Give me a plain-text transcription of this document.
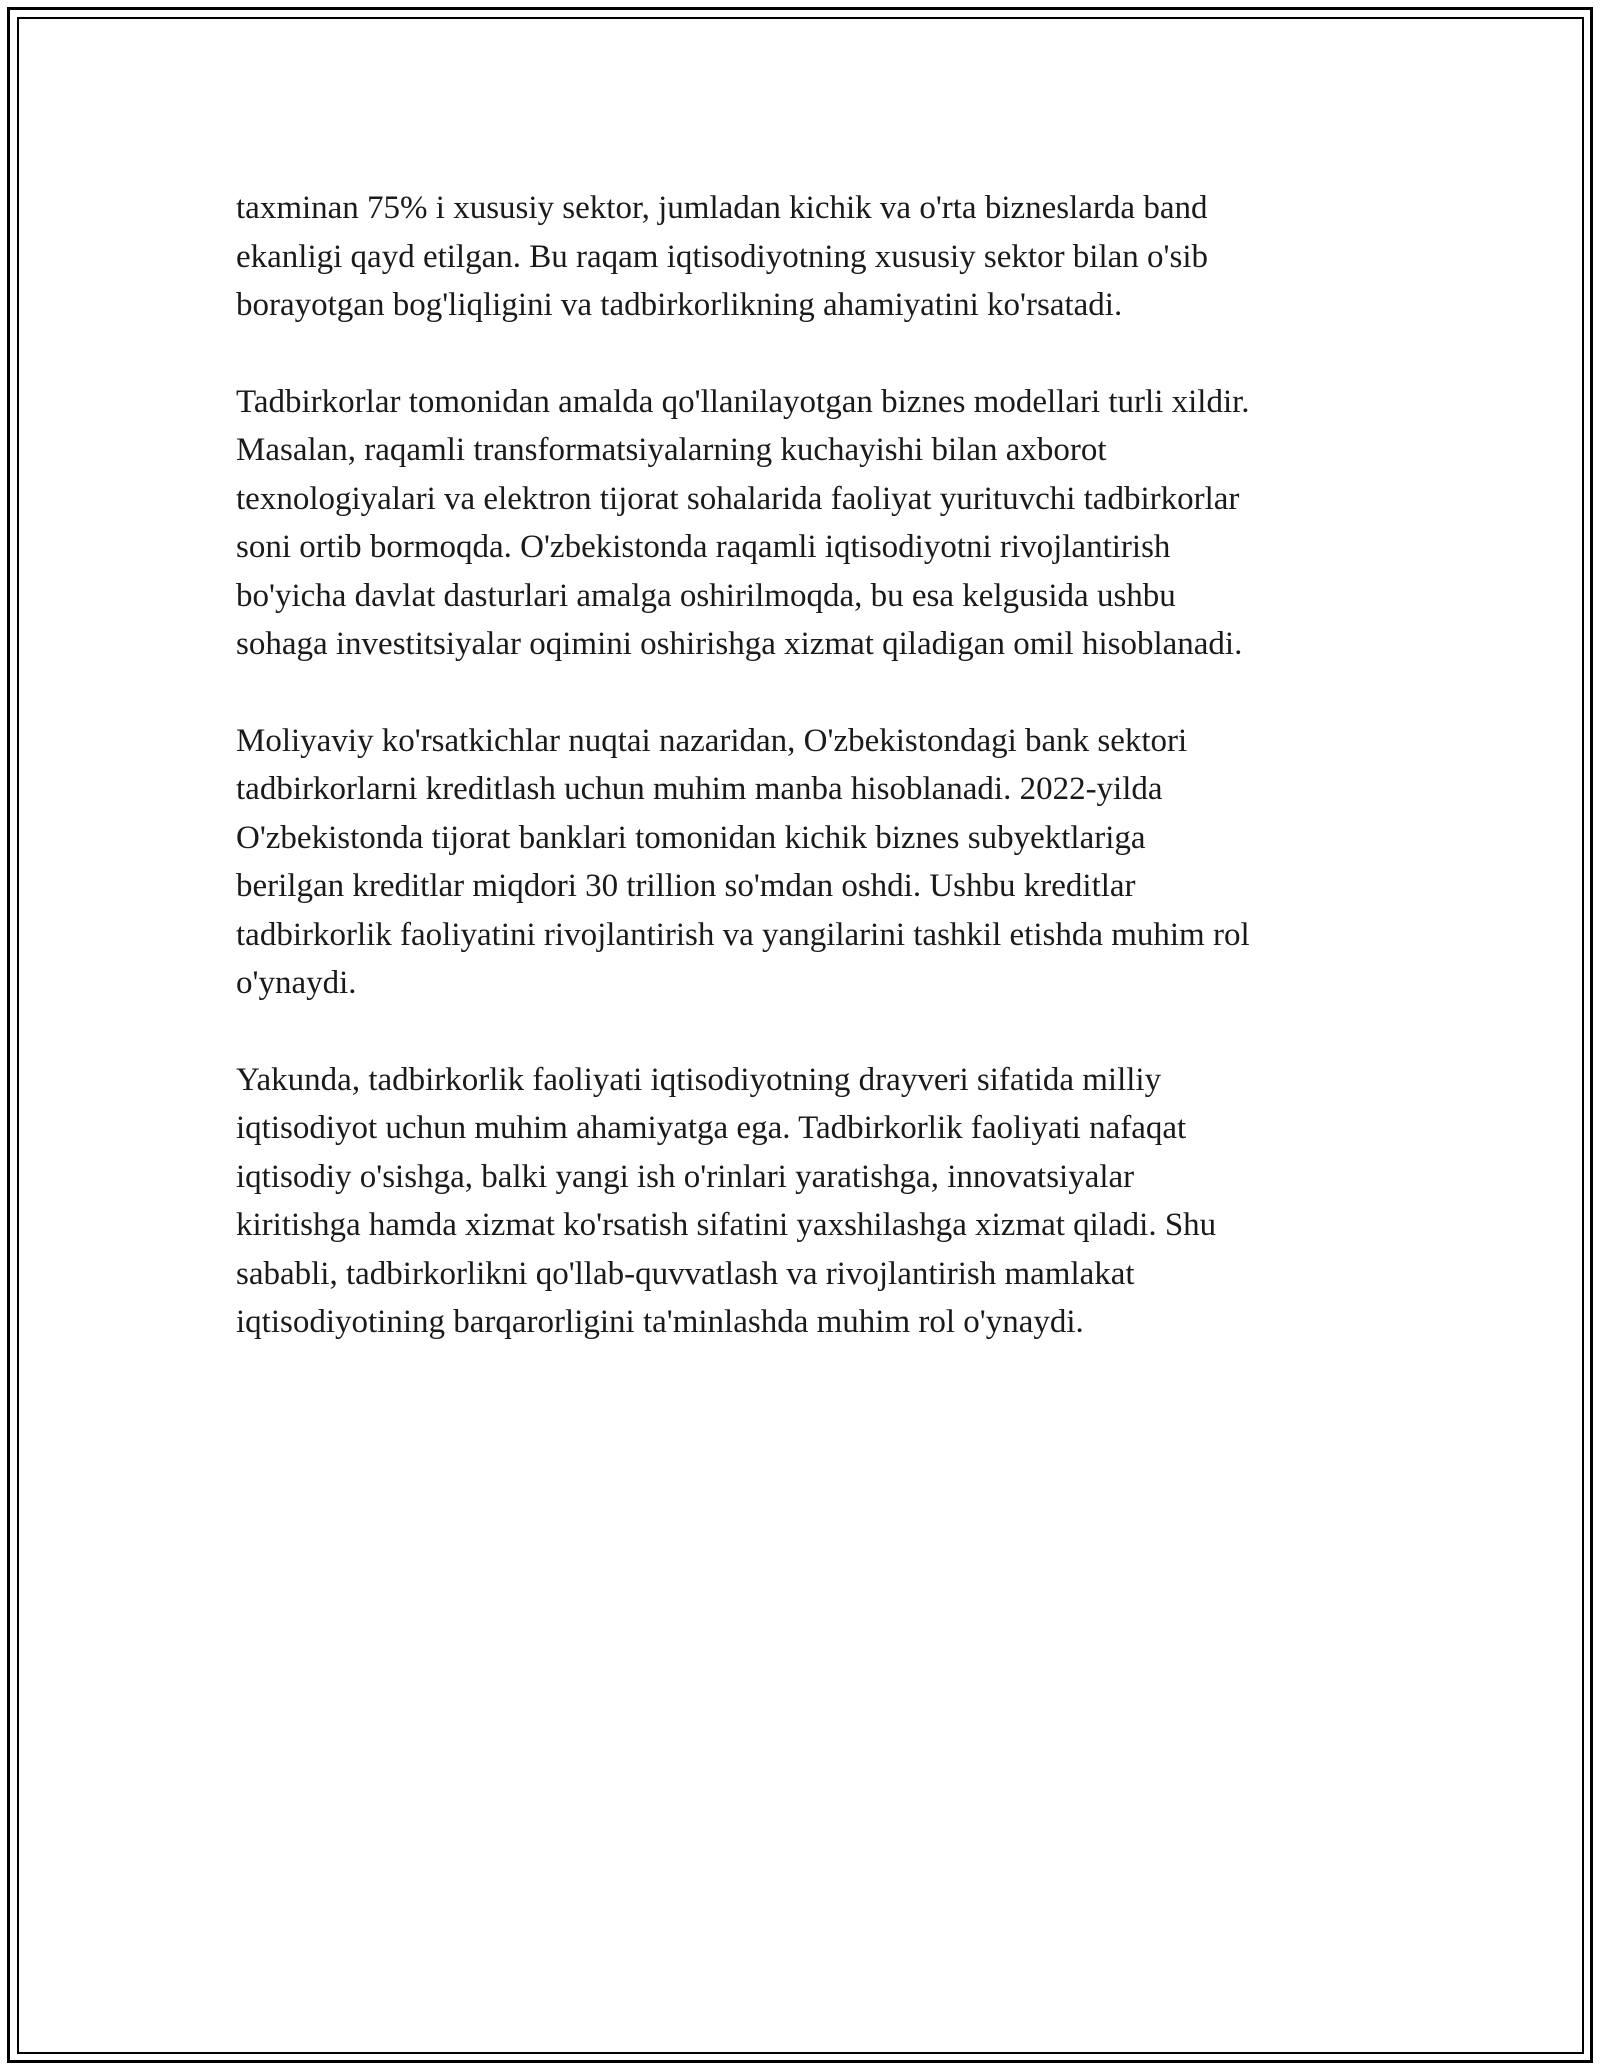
taxminan 75% i xususiy sektor, jumladan kichik va o'rta bizneslarda band
ekanligi qayd etilgan. Bu raqam iqtisodiyotning xususiy sektor bilan o'sib
borayotgan bog'liqligini va tadbirkorlikning ahamiyatini ko'rsatadi.

Tadbirkorlar tomonidan amalda qo'llanilayotgan biznes modellari turli xildir.
Masalan, raqamli transformatsiyalarning kuchayishi bilan axborot
texnologiyalari va elektron tijorat sohalarida faoliyat yurituvchi tadbirkorlar
soni ortib bormoqda. O'zbekistonda raqamli iqtisodiyotni rivojlantirish
bo'yicha davlat dasturlari amalga oshirilmoqda, bu esa kelgusida ushbu
sohaga investitsiyalar oqimini oshirishga xizmat qiladigan omil hisoblanadi.

Moliyaviy ko'rsatkichlar nuqtai nazaridan, O'zbekistondagi bank sektori
tadbirkorlarni kreditlash uchun muhim manba hisoblanadi. 2022-yilda
O'zbekistonda tijorat banklari tomonidan kichik biznes subyektlariga
berilgan kreditlar miqdori 30 trillion so'mdan oshdi. Ushbu kreditlar
tadbirkorlik faoliyatini rivojlantirish va yangilarini tashkil etishda muhim rol
o'ynaydi.

Yakunda, tadbirkorlik faoliyati iqtisodiyotning drayveri sifatida milliy
iqtisodiyot uchun muhim ahamiyatga ega. Tadbirkorlik faoliyati nafaqat
iqtisodiy o'sishga, balki yangi ish o'rinlari yaratishga, innovatsiyalar
kiritishga hamda xizmat ko'rsatish sifatini yaxshilashga xizmat qiladi. Shu
sababli, tadbirkorlikni qo'llab-quvvatlash va rivojlantirish mamlakat
iqtisodiyotining barqarorligini ta'minlashda muhim rol o'ynaydi.
